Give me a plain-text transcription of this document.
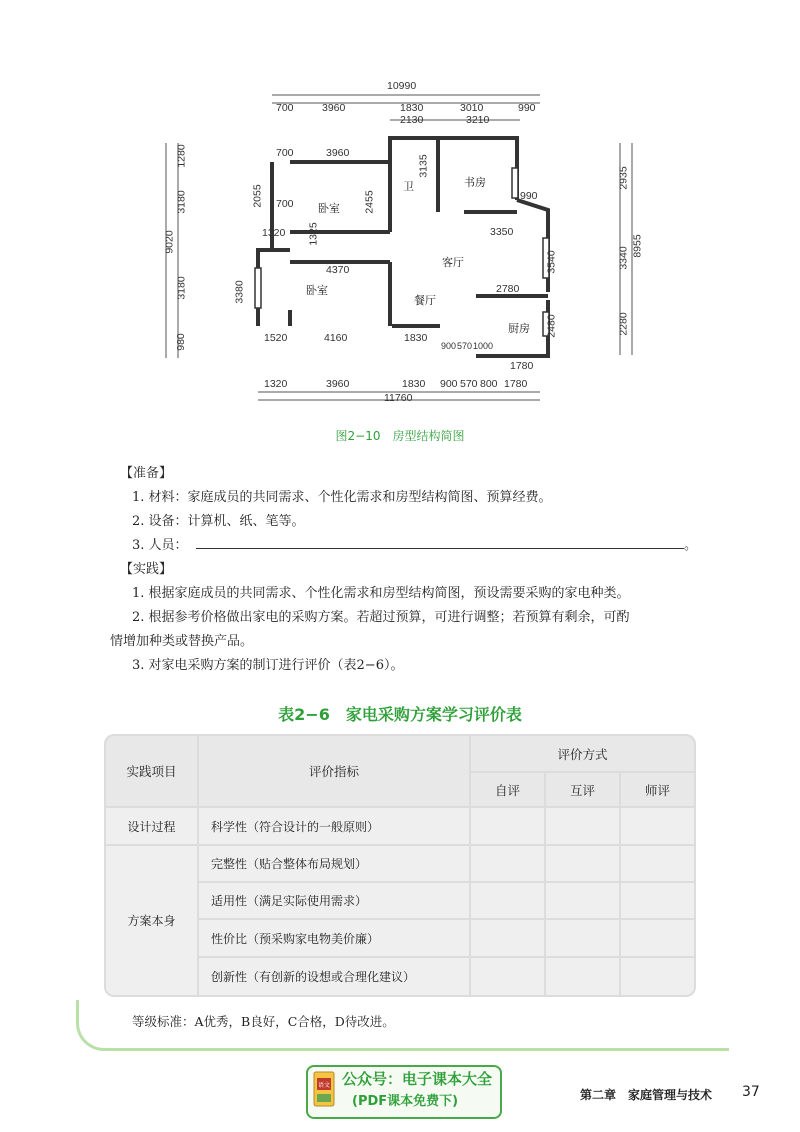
10990
700	3960	1830	3010	990
2130	3210
700	3960
1280
3180
9020
3180
980
2935
3340
8955
2280
2055 700
1320 1325
2455
3135
990
3350
3540
4370
3380	2780
2480
1520	4160	1830
900 570 1000
1780
1320	3960	1830 900 570 800 1780
11760
卫	书房
卧室
客厅
卧室
餐厅
厨房
图2−10　房型结构简图
【准备】
1. 材料：家庭成员的共同需求、个性化需求和房型结构简图、预算经费。
2. 设备：计算机、纸、笔等。
3. 人员：	。
【实践】
1. 根据家庭成员的共同需求、个性化需求和房型结构简图，预设需要采购的家电种类。
2. 根据参考价格做出家电的采购方案。若超过预算，可进行调整；若预算有剩余，可酌
情增加种类或替换产品。
3. 对家电采购方案的制订进行评价（表2−6）。
表2−6　家电采购方案学习评价表
实践项目	评价指标
评价方式
自评	互评	师评
设计过程	科学性（符合设计的一般原则）
方案本身
完整性（贴合整体布局规划）
适用性（满足实际使用需求）
性价比（预采购家电物美价廉）
创新性（有创新的设想或合理化建议）
等级标准：A优秀，B良好，C合格，D待改进。
语文 公众号：电子课本大全
(PDF课本免费下)	第二章　家庭管理与技术 37
